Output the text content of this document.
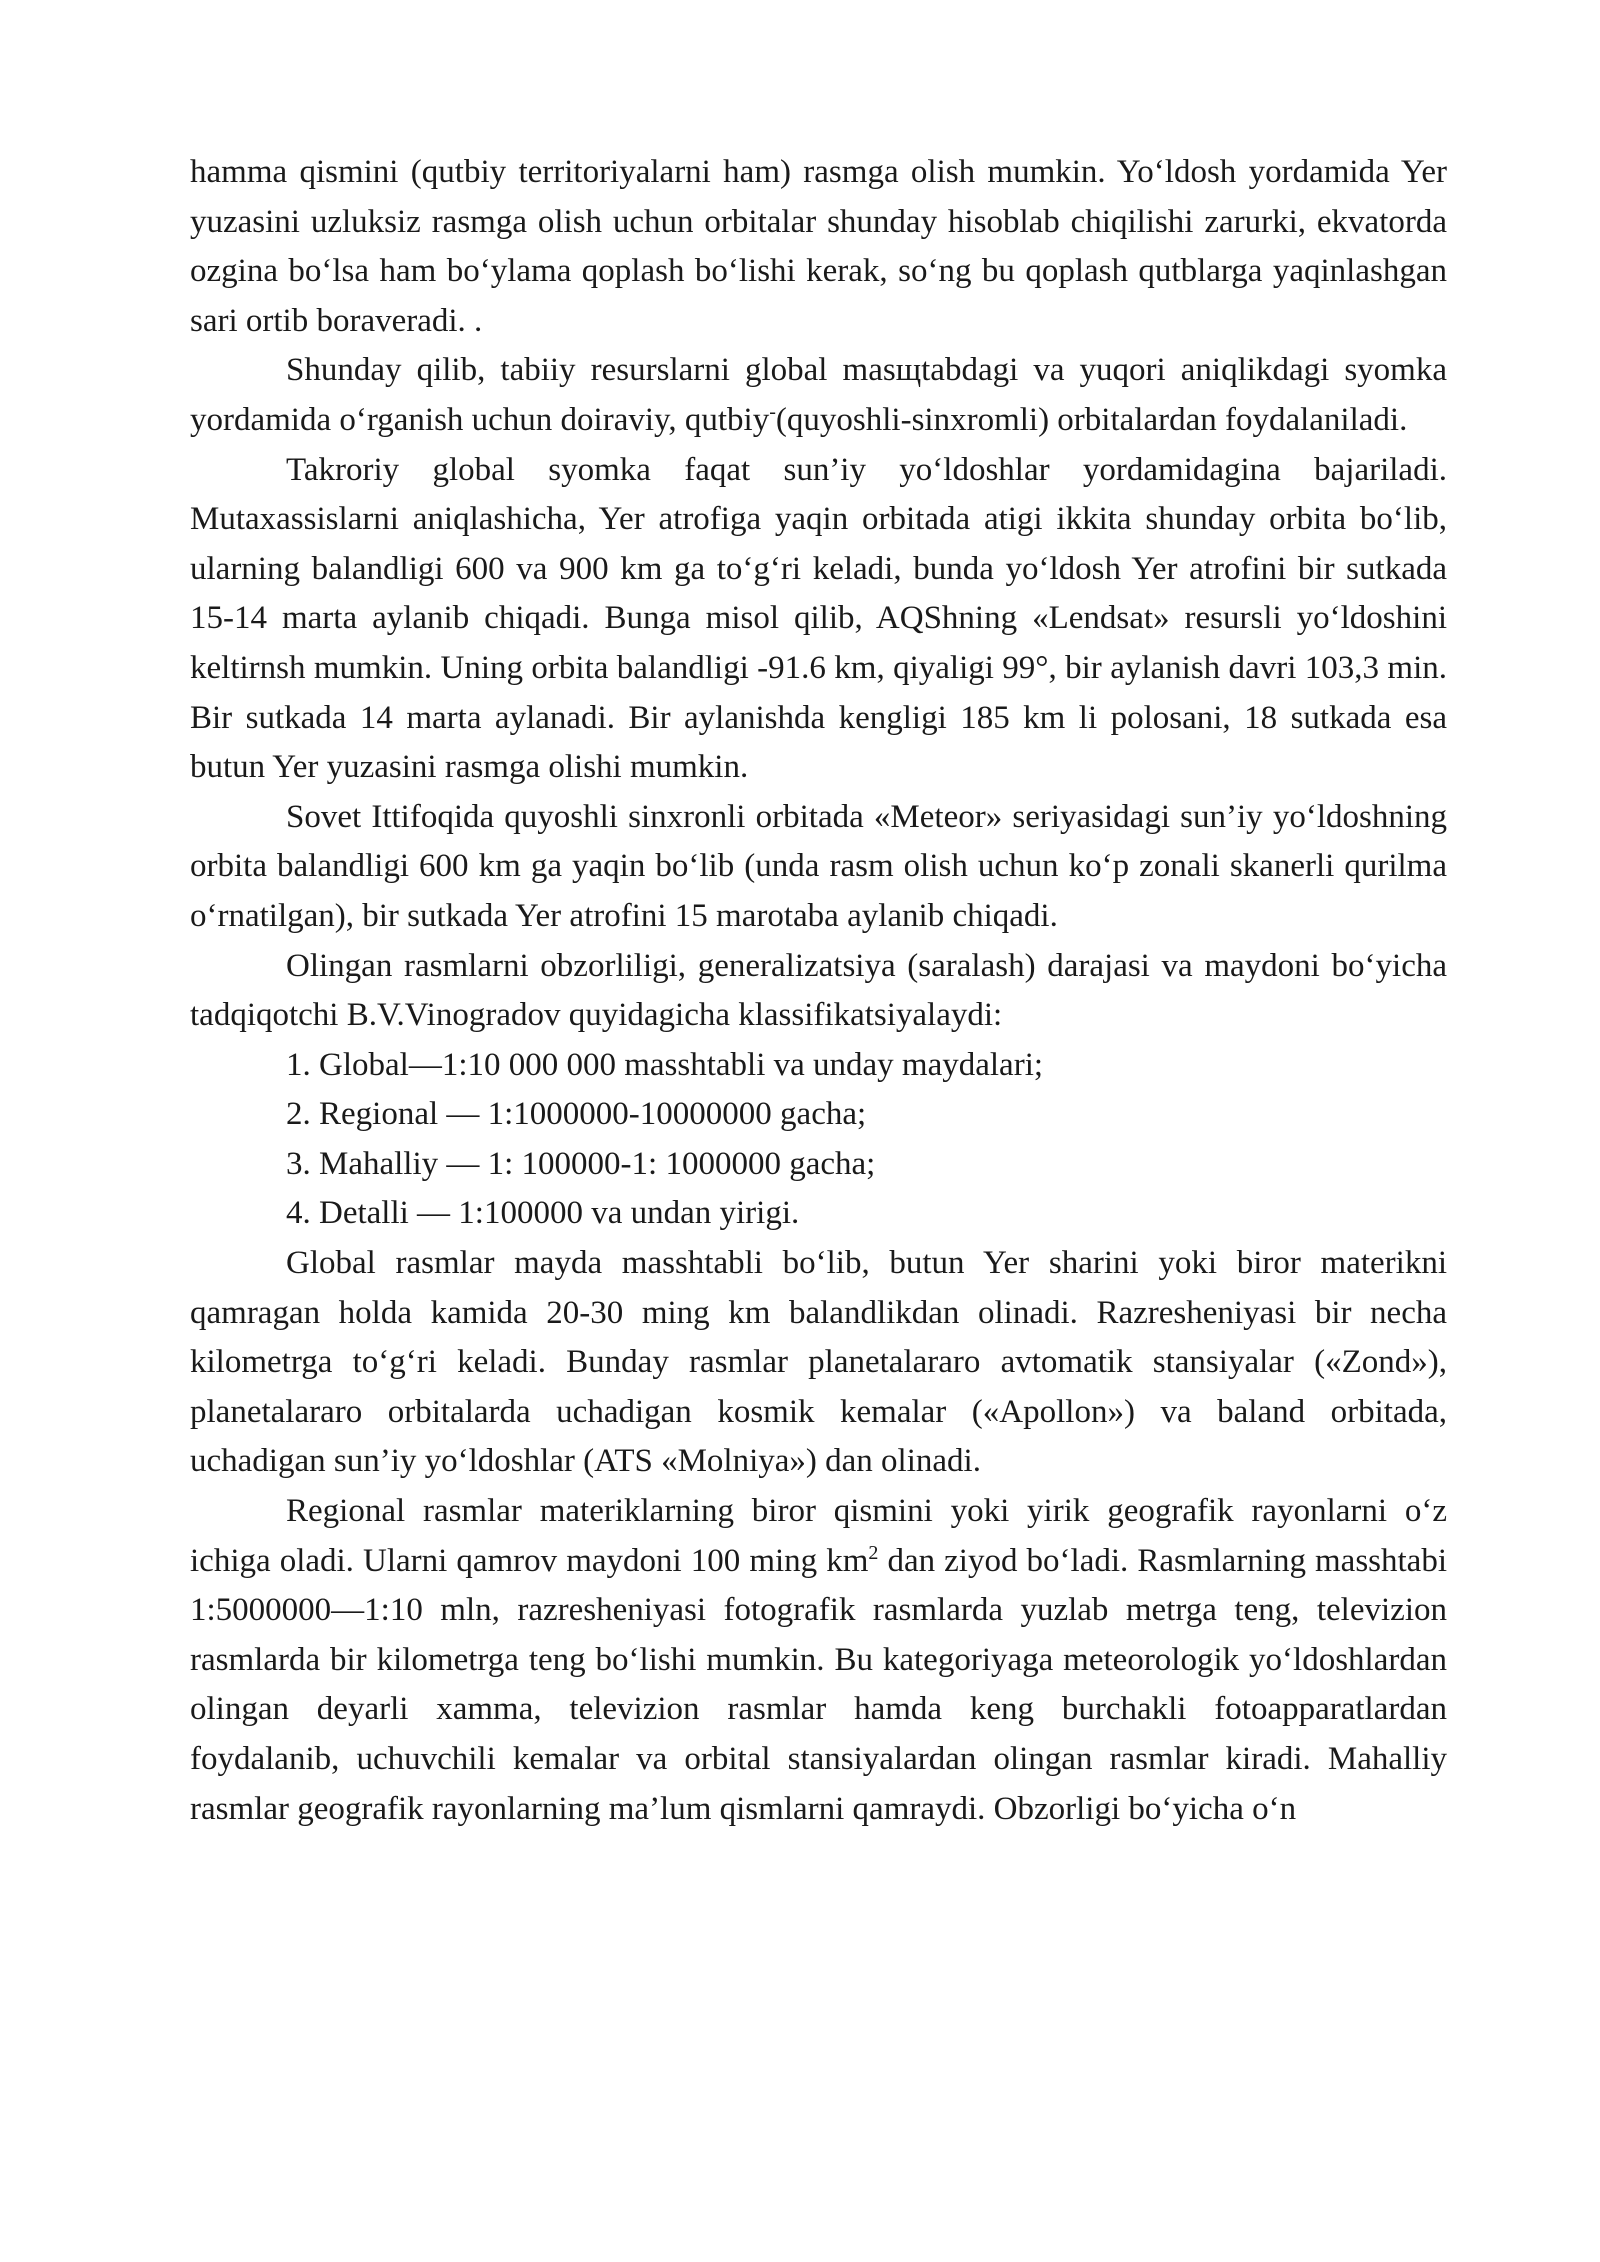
hamma qismini (qutbiy territoriyalarni ham) rasmga olish mumkin. Yo‘ldosh yordamida Yer yuzasini uzluksiz rasmga olish uchun orbitalar shunday hisoblab chiqilishi zarurki, ekvatorda ozgina bo‘lsa ham bo‘ylama qoplash bo‘lishi kerak, so‘ng bu qoplash qutblarga yaqinlashgan sari ortib boraveradi. .

Shunday qilib, tabiiy resurslarni global masщtabdagi va yuqori aniqlikdagi syomka yordamida o‘rganish uchun doiraviy, qutbiy-(quyoshli-sinxromli) orbitalardan foydalaniladi.

Takroriy global syomka faqat sun’iy yo‘ldoshlar yordamidagina bajariladi. Mutaxassislarni aniqlashicha, Yer atrofiga yaqin orbitada atigi ikkita shunday orbita bo‘lib, ularning balandligi 600 va 900 km ga to‘g‘ri keladi, bunda yo‘ldosh Yer atrofini bir sutkada 15-14 marta aylanib chiqadi. Bunga misol qilib, AQShning «Lendsat» resursli yo‘ldoshini keltirnsh mumkin. Uning orbita balandligi -91.6 km, qiyaligi 99°, bir aylanish davri 103,3 min. Bir sutkada 14 marta aylanadi. Bir aylanishda kengligi 185 km li polosani, 18 sutkada esa butun Yer yuzasini rasmga olishi mumkin.

Sovet Ittifoqida quyoshli sinxronli orbitada «Meteor» seriyasidagi sun’iy yo‘ldoshning orbita balandligi 600 km ga yaqin bo‘lib (unda rasm olish uchun ko‘p zonali skanerli qurilma o‘rnatilgan), bir sutkada Yer atrofini 15 marotaba aylanib chiqadi.

Olingan rasmlarni obzorliligi, generalizatsiya (saralash) darajasi va maydoni bo‘yicha tadqiqotchi B.V.Vinogradov quyidagicha klassifikatsiyalaydi:

1. Global—1:10 000 000 masshtabli va unday maydalari;

2. Regional — 1:1000000-10000000 gacha;

3. Mahalliy — 1: 100000-1: 1000000 gacha;

4. Detalli — 1:100000 va undan yirigi.

Global rasmlar mayda masshtabli bo‘lib, butun Yer sharini yoki biror materikni qamragan holda kamida 20-30 ming km balandlikdan olinadi. Razresheniyasi bir necha kilometrga to‘g‘ri keladi. Bunday rasmlar planetalararo avtomatik stansiyalar («Zond»), planetalararo orbitalarda uchadigan kosmik kemalar («Apollon») va baland orbitada, uchadigan sun’iy yo‘ldoshlar (ATS «Molniya») dan olinadi.

Regional rasmlar materiklarning biror qismini yoki yirik geografik rayonlarni o‘z ichiga oladi. Ularni qamrov maydoni 100 ming $km^2$ dan ziyod bo‘ladi. Rasmlarning masshtabi 1:5000000—1:10 mln, razresheniyasi fotografik rasmlarda yuzlab metrga teng, televizion rasmlarda bir kilometrga teng bo‘lishi mumkin. Bu kategoriyaga meteorologik yo‘ldoshlardan olingan deyarli xamma, televizion rasmlar hamda keng burchakli fotoapparatlardan foydalanib, uchuvchili kemalar va orbital stansiyalardan olingan rasmlar kiradi. Mahalliy rasmlar geografik rayonlarning ma’lum qismlarni qamraydi. Obzorligi bo‘yicha o‘n
